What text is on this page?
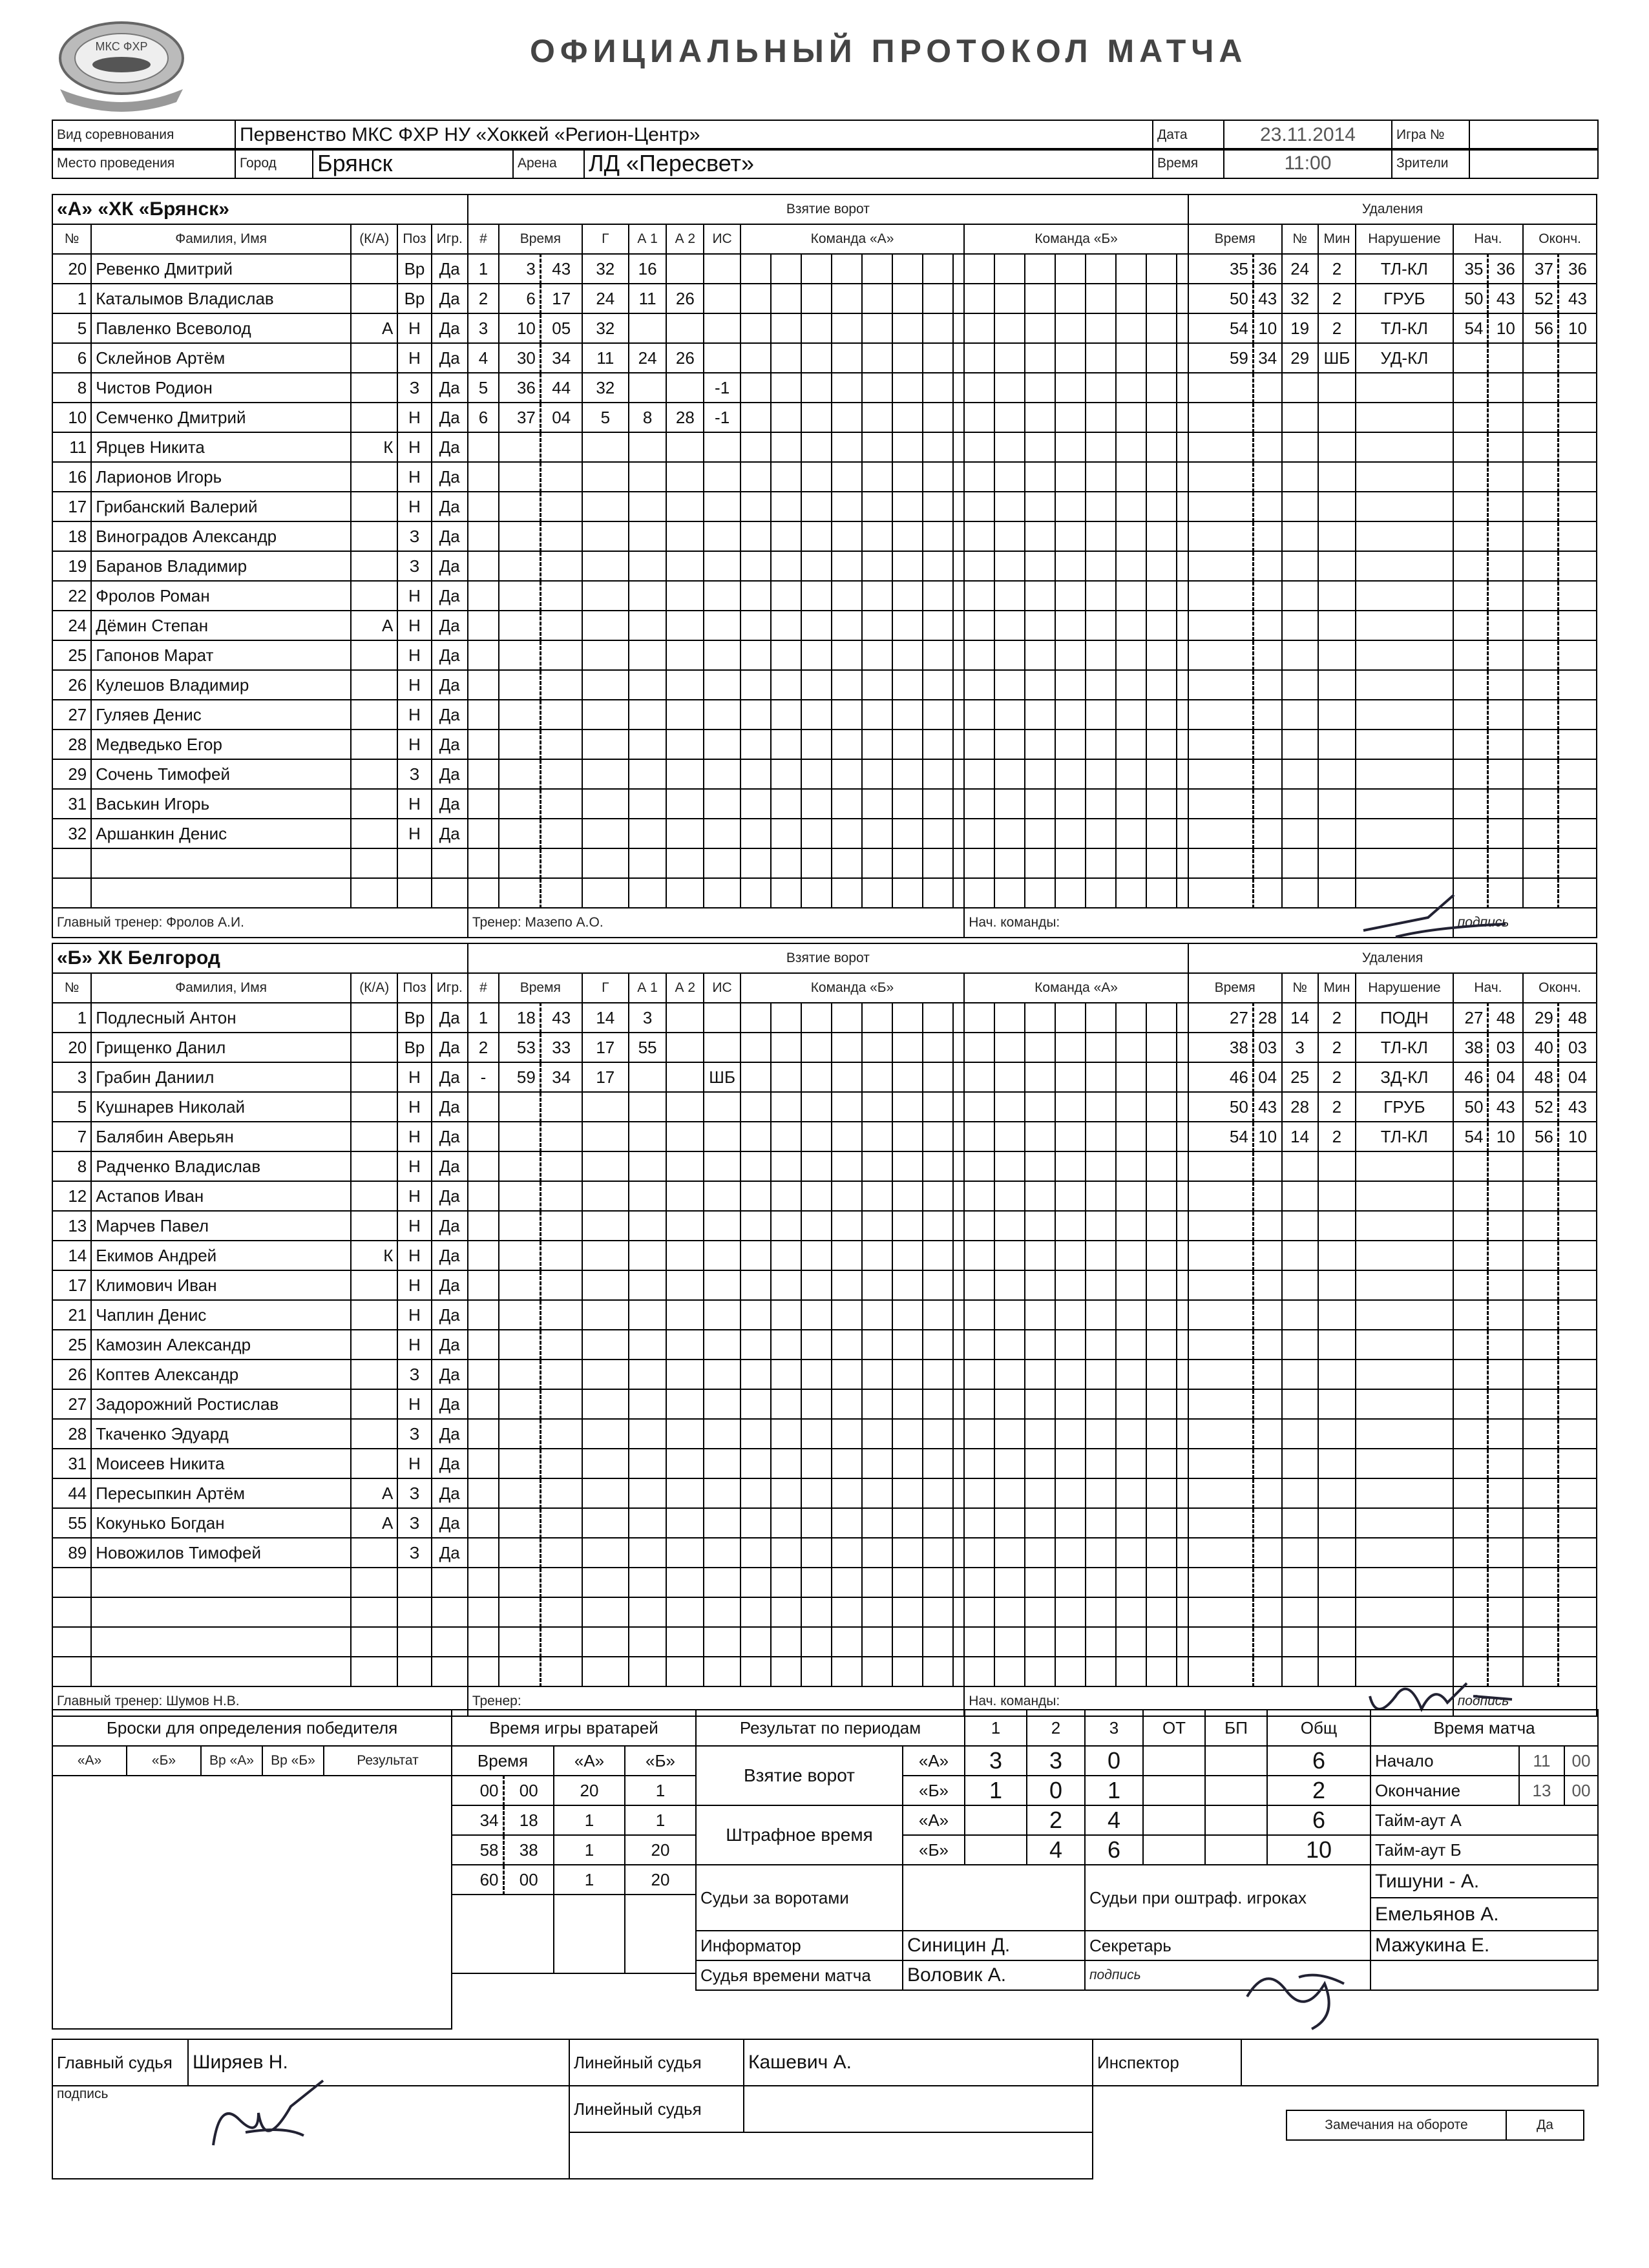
МКС ФХР	ОФИЦИАЛЬНЫЙ ПРОТОКОЛ МАТЧА
Вид соревнования	Первенство МКС ФХР НУ «Хоккей «Регион-Центр»	Дата	23.11.2014	Игра №	
Место проведения	Город	Брянск	Арена	ЛД «Пересвет»	Время	11:00	Зрители	
«А» «ХК «Брянск»					Взятие ворот									Удаления								
№	Фамилия, Имя	(К/А)	Поз	Игр.	#	Время		Г	А 1	А 2	ИС	Команда «А»	Команда «Б»	Время		№	Мин	Нарушение	Нач.		Оконч.	
20	Ревенко Дмитрий		Вр	Да	1	3	43	32	16					35	36	24	2	ТЛ-КЛ	35	36	37	36
1	Каталымов Владислав		Вр	Да	2	6	17	24	11	26				50	43	32	2	ГРУБ	50	43	52	43
5	Павленко Всеволод	А	Н	Да	3	10	05	32						54	10	19	2	ТЛ-КЛ	54	10	56	10
6	Склейнов Артём		Н	Да	4	30	34	11	24	26				59	34	29	ШБ	УД-КЛ				
8	Чистов Родион		З	Да	5	36	44	32			-1											
10	Семченко Дмитрий		Н	Да	6	37	04	5	8	28	-1											
11	Ярцев Никита	К	Н	Да																		
16	Ларионов Игорь		Н	Да																		
17	Грибанский Валерий		Н	Да																		
18	Виноградов Александр		З	Да																		
19	Баранов Владимир		З	Да																		
22	Фролов Роман		Н	Да																		
24	Дёмин Степан	А	Н	Да																		
25	Гапонов Марат		Н	Да																		
26	Кулешов Владимир		Н	Да																		
27	Гуляев Денис		Н	Да																		
28	Медведько Егор		Н	Да																		
29	Сочень Тимофей		З	Да																		
31	Васькин Игорь		Н	Да																		
32	Аршанкин Денис		Н	Да																		

Главный тренер: Фролов А.И.					Тренер: Мазепо А.О.								Нач. команды:						подпись			
«Б» ХК Белгород					Взятие ворот									Удаления								
№	Фамилия, Имя	(К/А)	Поз	Игр.	#	Время		Г	А 1	А 2	ИС	Команда «Б»	Команда «А»	Время		№	Мин	Нарушение	Нач.		Оконч.	
1	Подлесный Антон		Вр	Да	1	18	43	14	3					27	28	14	2	ПОДН	27	48	29	48
20	Грищенко Данил		Вр	Да	2	53	33	17	55					38	03	3	2	ТЛ-КЛ	38	03	40	03
3	Грабин Даниил		Н	Да	-	59	34	17			ШБ			46	04	25	2	ЗД-КЛ	46	04	48	04
5	Кушнарев Николай		Н	Да										50	43	28	2	ГРУБ	50	43	52	43
7	Балябин Аверьян		Н	Да										54	10	14	2	ТЛ-КЛ	54	10	56	10
8	Радченко Владислав		Н	Да																		
12	Астапов Иван		Н	Да																		
13	Марчев Павел		Н	Да																		
14	Екимов Андрей	К	Н	Да																		
17	Климович Иван		Н	Да																		
21	Чаплин Денис		Н	Да																		
25	Камозин Александр		Н	Да																		
26	Коптев Александр		З	Да																		
27	Задорожний Ростислав		Н	Да																		
28	Ткаченко Эдуард		З	Да																		
31	Моисеев Никита		Н	Да																		
44	Пересыпкин Артём	А	З	Да																		
55	Кокунько Богдан	А	З	Да																		
89	Новожилов Тимофей		З	Да																		

Главный тренер: Шумов Н.В.					Тренер:								Нач. команды:						подпись			
Броски для определения победителя
«А»	«Б»	Вр «А»	Вр «Б»	Результат

Время игры вратарей			
Время		«А»	«Б»
00	00	20	1
34	18	1	1
58	38	1	20
60	00	1	20

Результат по периодам		1	2	3	ОТ	БП	Общ	Время матча		
Взятие ворот	«А»	3	3	0			6	Начало	11	00
	«Б»	1	0	1			2	Окончание	13	00
Штрафное время	«А»		2	4			6	Тайм-аут А		
	«Б»		4	6			10	Тайм-аут Б		
Судьи за воротами				Судьи при оштраф. игроках				Тишуни - А.		
								Емельянов А.		
Информатор	Синицин Д.			Секретарь				Мажукина Е.		
Судья времени матча	Воловик А.			подпись						
Главный судья	Ширяев Н.	Линейный судья	Кашевич А.	Инспектор	
подпись		Линейный судья			

Замечания на обороте	Да
